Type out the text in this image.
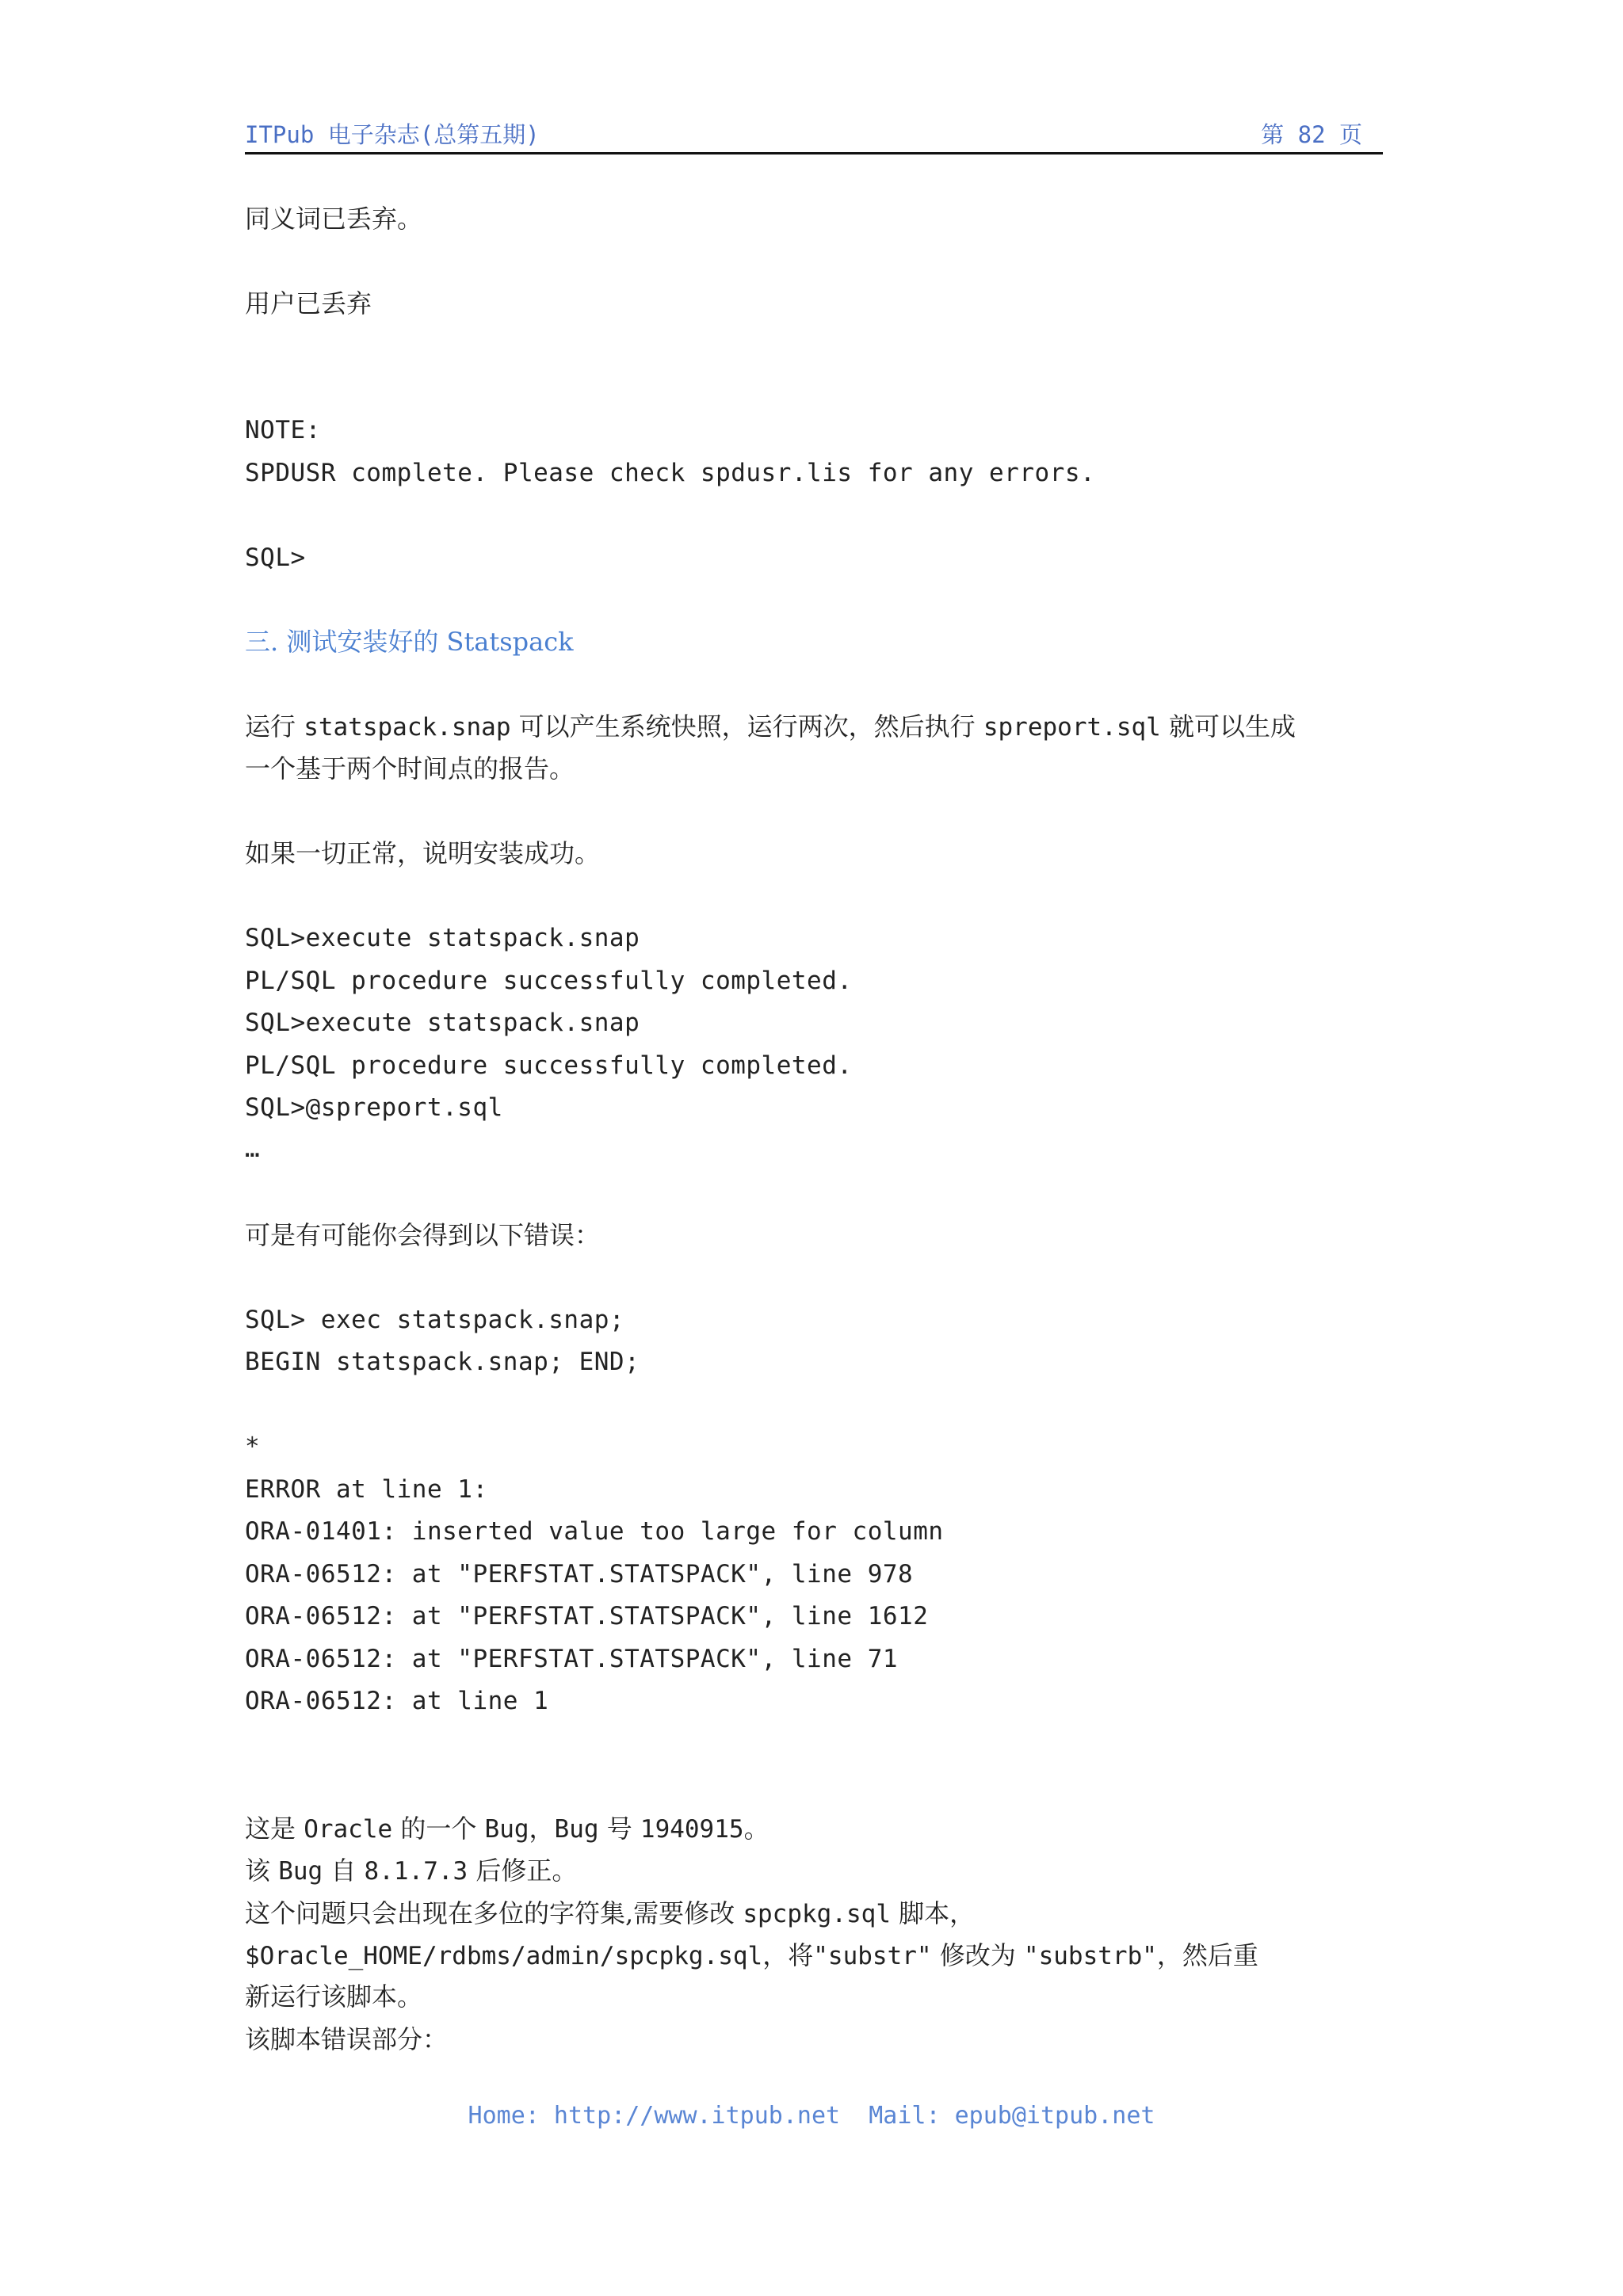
ITPub 电子杂志(总第五期)	第 82 页
同义词已丢弃。
用户已丢弃
NOTE:
SPDUSR complete. Please check spdusr.lis for any errors.
SQL>
三. 测试安装好的 Statspack
运行 statspack.snap 可以产生系统快照，运行两次，然后执行 spreport.sql 就可以生成
一个基于两个时间点的报告。
如果一切正常，说明安装成功。
SQL>execute statspack.snap
PL/SQL procedure successfully completed.
SQL>execute statspack.snap
PL/SQL procedure successfully completed.
SQL>@spreport.sql
…
可是有可能你会得到以下错误：
SQL> exec statspack.snap;
BEGIN statspack.snap; END;
*
ERROR at line 1:
ORA-01401: inserted value too large for column
ORA-06512: at "PERFSTAT.STATSPACK", line 978
ORA-06512: at "PERFSTAT.STATSPACK", line 1612
ORA-06512: at "PERFSTAT.STATSPACK", line 71
ORA-06512: at line 1
这是 Oracle 的一个 Bug，Bug 号 1940915。
该 Bug 自 8.1.7.3 后修正。
这个问题只会出现在多位的字符集,需要修改 spcpkg.sql 脚本，
$Oracle_HOME/rdbms/admin/spcpkg.sql，将"substr" 修改为 "substrb"，然后重
新运行该脚本。
该脚本错误部分：
Home: http://www.itpub.net  Mail: epub@itpub.net
